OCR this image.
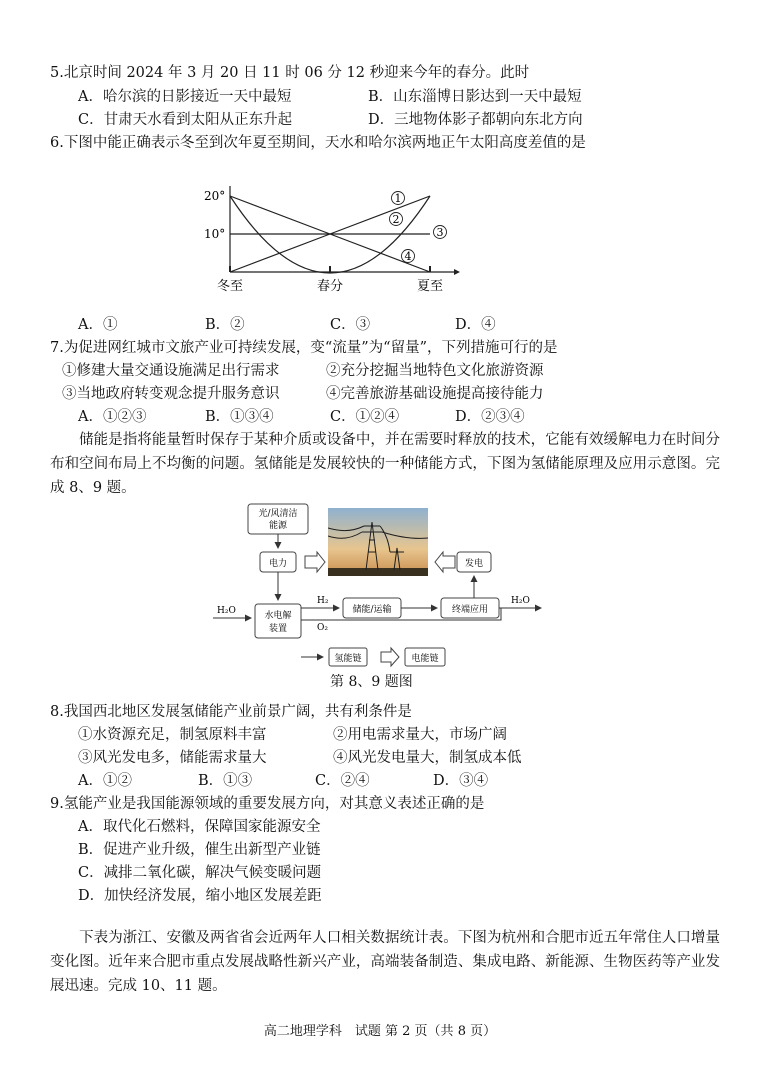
5.北京时间 2024 年 3 月 20 日 11 时 06 分 12 秒迎来今年的春分。此时
A．哈尔滨的日影接近一天中最短	B．山东淄博日影达到一天中最短
C．甘肃天水看到太阳从正东升起	D．三地物体影子都朝向东北方向
6.下图中能正确表示冬至到次年夏至期间，天水和哈尔滨两地正午太阳高度差值的是
20°
10°
冬至	春分	夏至
1
2
3
4
A．①	B．②	C．③	D．④
7.为促进网红城市文旅产业可持续发展，变“流量”为“留量”，下列措施可行的是
①修建大量交通设施满足出行需求	②充分挖掘当地特色文化旅游资源
③当地政府转变观念提升服务意识	④完善旅游基础设施提高接待能力
A．①②③	B．①③④	C．①②④	D．②③④
储能是指将能量暂时保存于某种介质或设备中，并在需要时释放的技术，它能有效缓解电力在时间分布和空间布局上不均衡的问题。氢储能是发展较快的一种储能方式，下图为氢储能原理及应用示意图。完成 8、9 题。
光/风清洁
能源
电力	发电
H₂O	水电解
装置
H₂
O₂
储能/运输	终端应用
H₂O
氢能链	电能链
第 8、9 题图
8.我国西北地区发展氢储能产业前景广阔，共有利条件是
①水资源充足，制氢原料丰富	②用电需求量大，市场广阔
③风光发电多，储能需求量大	④风光发电量大，制氢成本低
A．①②	B．①③	C．②④	D．③④
9.氢能产业是我国能源领域的重要发展方向，对其意义表述正确的是
A．取代化石燃料，保障国家能源安全
B．促进产业升级，催生出新型产业链
C．减排二氧化碳，解决气候变暖问题
D．加快经济发展，缩小地区发展差距
下表为浙江、安徽及两省省会近两年人口相关数据统计表。下图为杭州和合肥市近五年常住人口增量变化图。近年来合肥市重点发展战略性新兴产业，高端装备制造、集成电路、新能源、生物医药等产业发展迅速。完成 10、11 题。
高二地理学科　试题 第 2 页（共 8 页）
